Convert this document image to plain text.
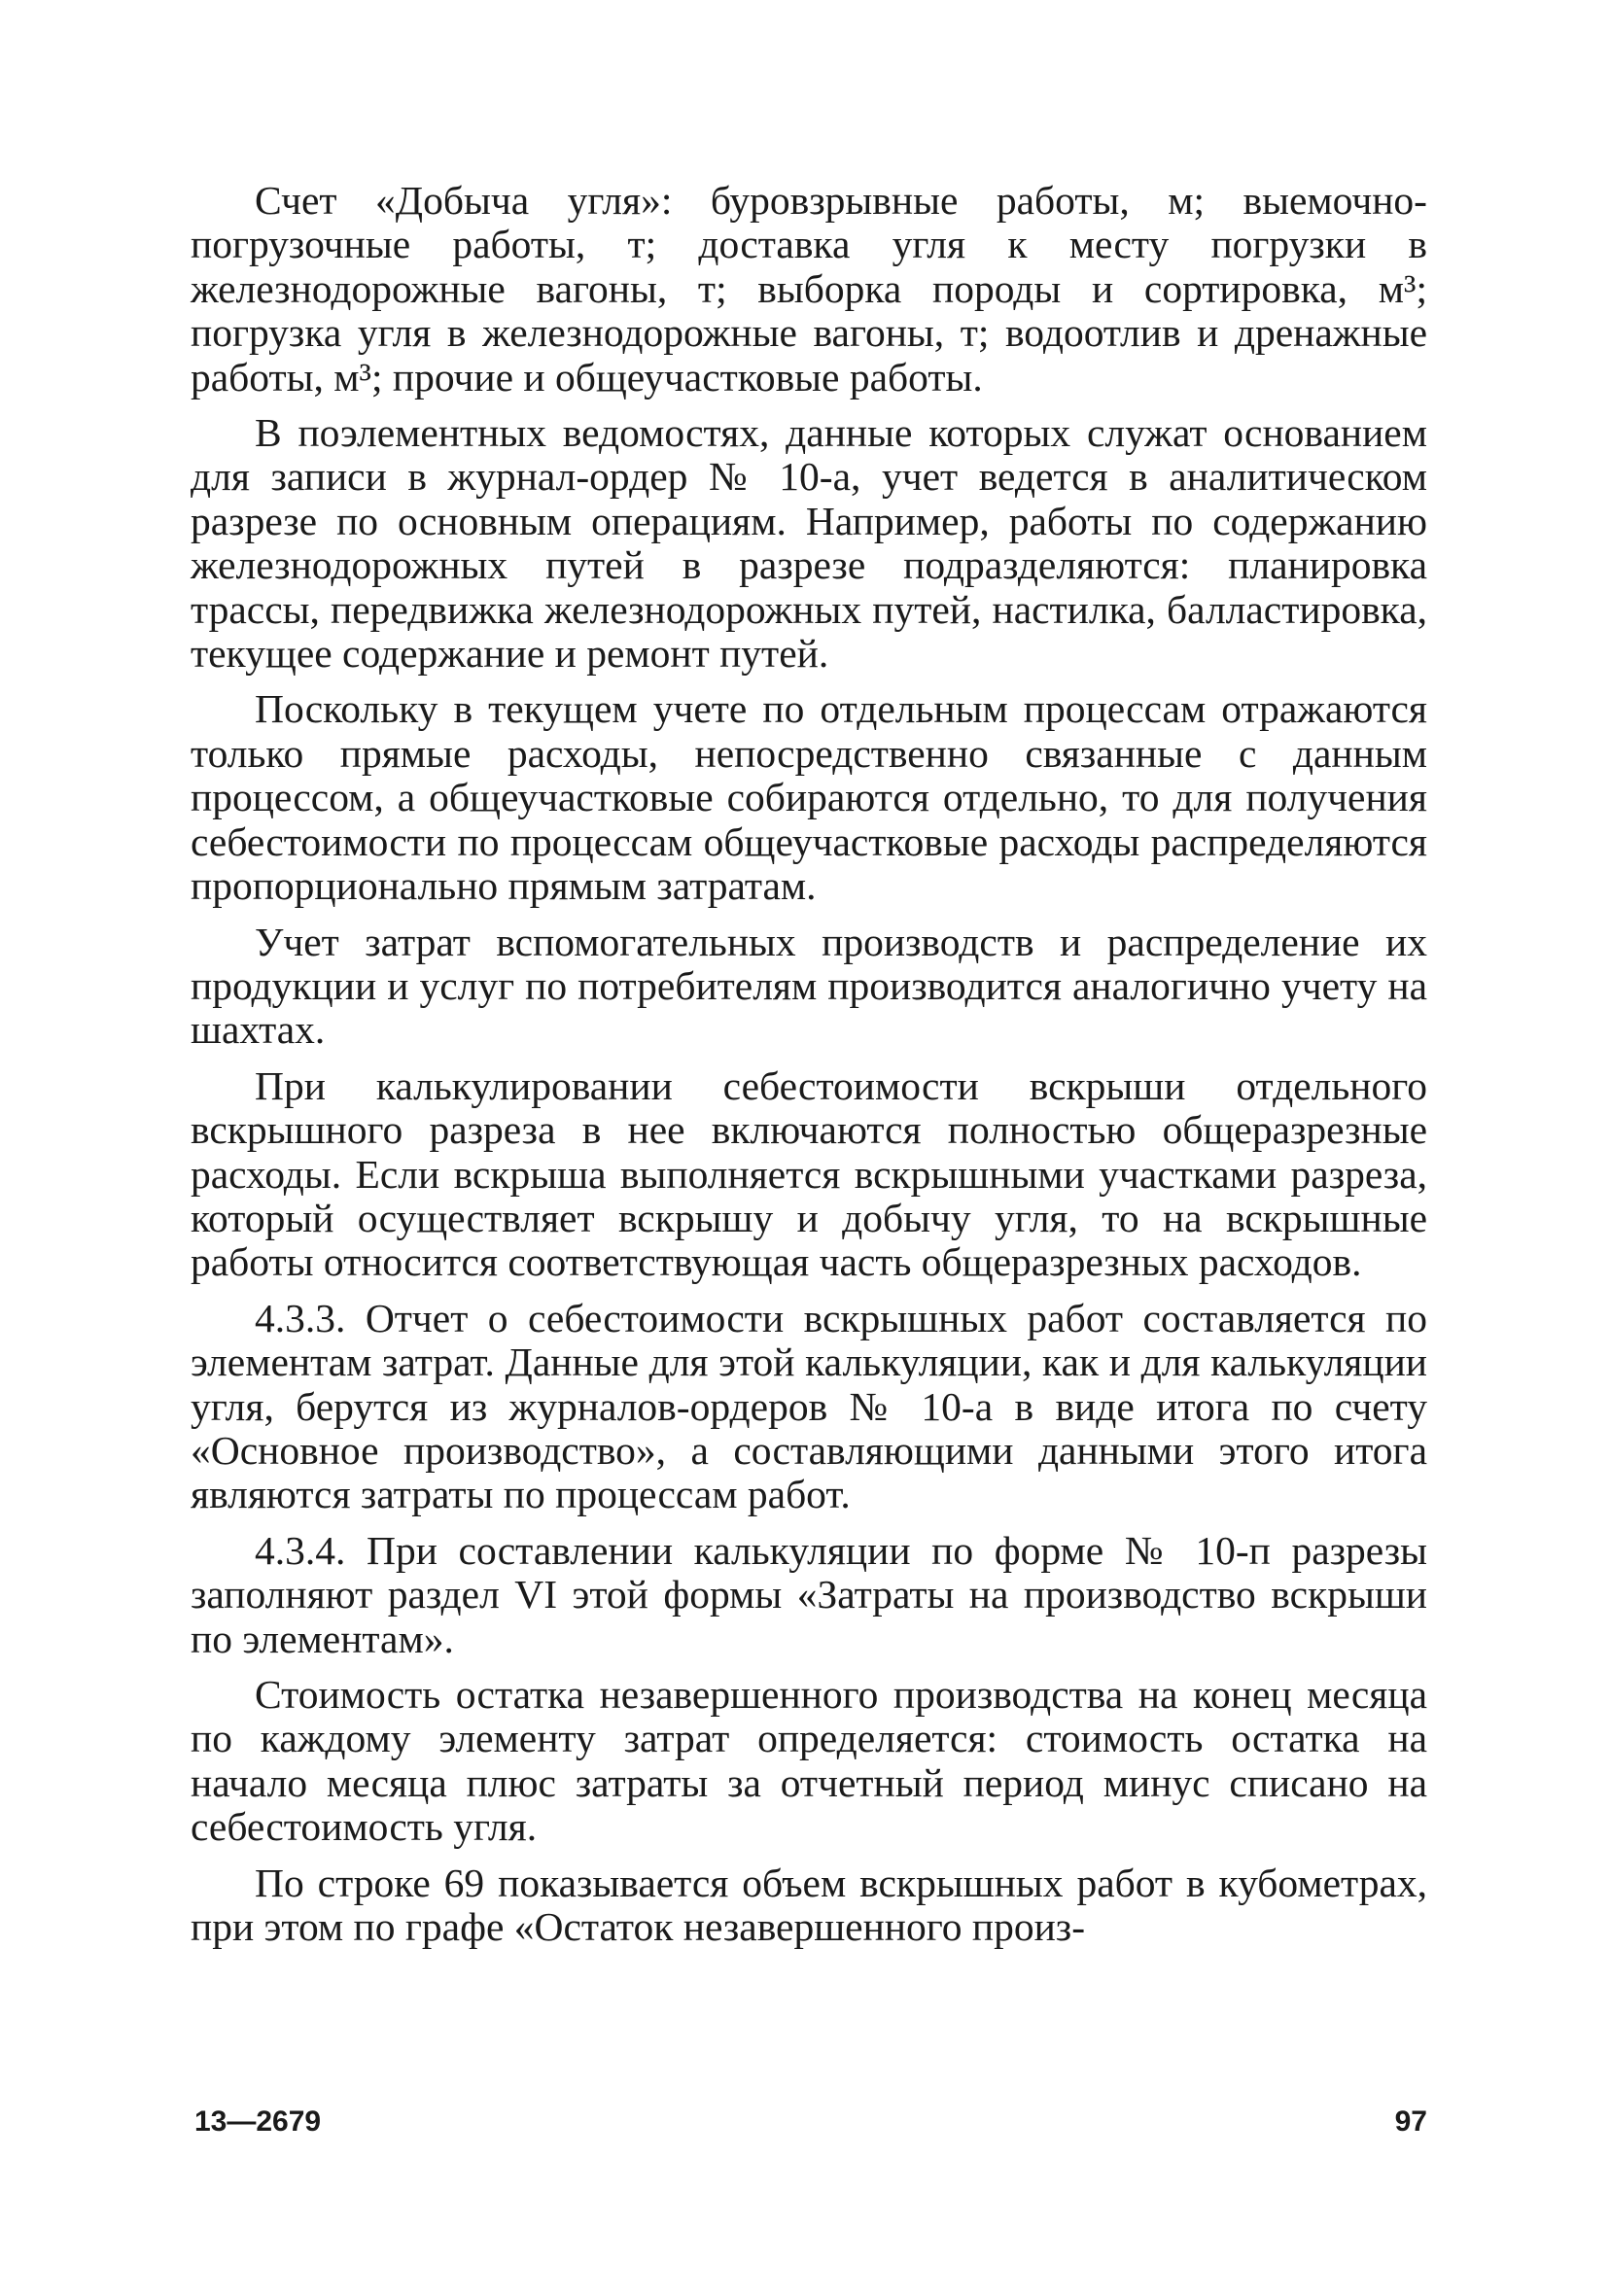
Счет «Добыча угля»: буровзрывные работы, м; выемочно-погрузочные работы, т; доставка угля к месту погрузки в железнодорожные вагоны, т; выборка породы и сортировка, м³; погрузка угля в железнодорожные вагоны, т; водоотлив и дренажные работы, м³; прочие и общеучастковые работы.

В поэлементных ведомостях, данные которых служат основанием для записи в журнал-ордер № 10-а, учет ведется в аналитическом разрезе по основным операциям. Например, работы по содержанию железнодорожных путей в разрезе подразделяются: планировка трассы, передвижка железнодорожных путей, настилка, балластировка, текущее содержание и ремонт путей.

Поскольку в текущем учете по отдельным процессам отражаются только прямые расходы, непосредственно связанные с данным процессом, а общеучастковые собираются отдельно, то для получения себестоимости по процессам общеучастковые расходы распределяются пропорционально прямым затратам.

Учет затрат вспомогательных производств и распределение их продукции и услуг по потребителям производится аналогично учету на шахтах.

При калькулировании себестоимости вскрыши отдельного вскрышного разреза в нее включаются полностью общеразрезные расходы. Если вскрыша выполняется вскрышными участками разреза, который осуществляет вскрышу и добычу угля, то на вскрышные работы относится соответствующая часть общеразрезных расходов.

4.3.3. Отчет о себестоимости вскрышных работ составляется по элементам затрат. Данные для этой калькуляции, как и для калькуляции угля, берутся из журналов-ордеров № 10-а в виде итога по счету «Основное производство», а составляющими данными этого итога являются затраты по процессам работ.

4.3.4. При составлении калькуляции по форме № 10-п разрезы заполняют раздел VI этой формы «Затраты на производство вскрыши по элементам».

Стоимость остатка незавершенного производства на конец месяца по каждому элементу затрат определяется: стоимость остатка на начало месяца плюс затраты за отчетный период минус списано на себестоимость угля.

По строке 69 показывается объем вскрышных работ в кубометрах, при этом по графе «Остаток незавершенного произ-

13—2679	97
